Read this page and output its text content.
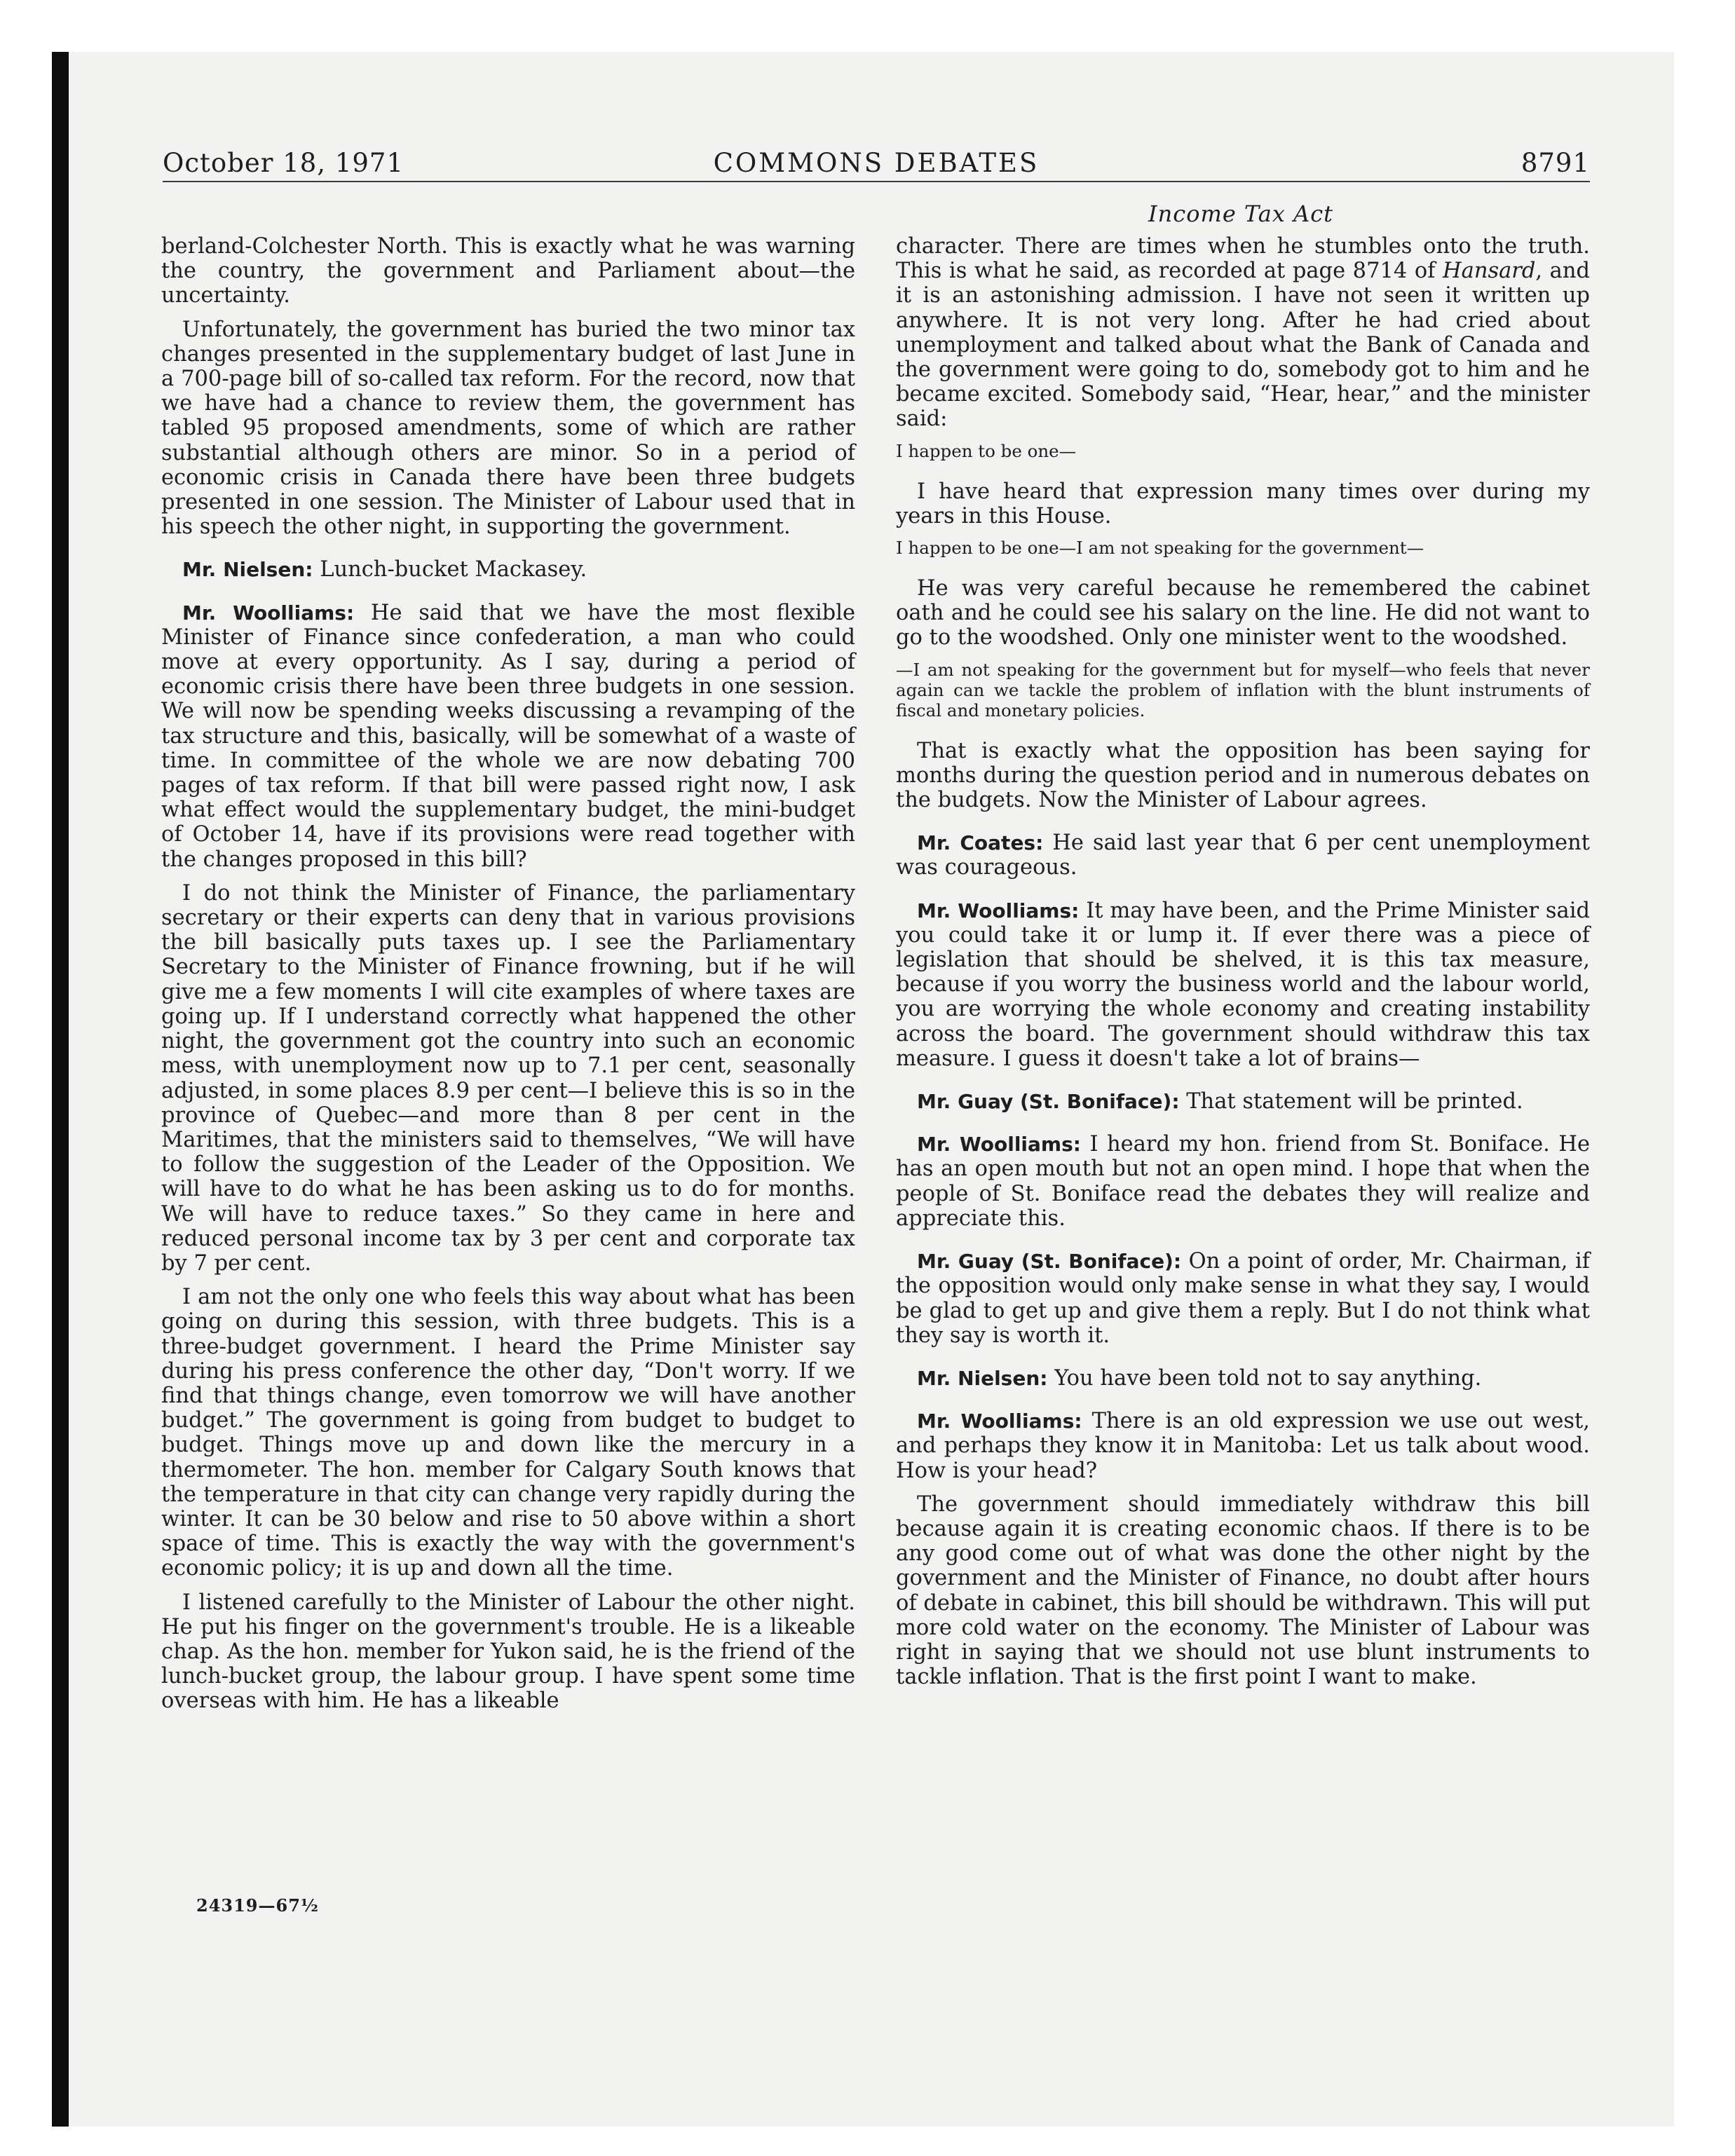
October 18, 1971	COMMONS DEBATES	8791
Income Tax Act

berland-Colchester North. This is exactly what he was warning the country, the government and Parliament about—the uncertainty.

Unfortunately, the government has buried the two minor tax changes presented in the supplementary budget of last June in a 700-page bill of so-called tax reform. For the record, now that we have had a chance to review them, the government has tabled 95 proposed amendments, some of which are rather substantial although others are minor. So in a period of economic crisis in Canada there have been three budgets presented in one session. The Minister of Labour used that in his speech the other night, in supporting the government.

Mr. Nielsen: Lunch-bucket Mackasey.

Mr. Woolliams: He said that we have the most flexible Minister of Finance since confederation, a man who could move at every opportunity. As I say, during a period of economic crisis there have been three budgets in one session. We will now be spending weeks discussing a revamping of the tax structure and this, basically, will be somewhat of a waste of time. In committee of the whole we are now debating 700 pages of tax reform. If that bill were passed right now, I ask what effect would the supplementary budget, the mini-budget of October 14, have if its provisions were read together with the changes proposed in this bill?

I do not think the Minister of Finance, the parliamentary secretary or their experts can deny that in various provisions the bill basically puts taxes up. I see the Parliamentary Secretary to the Minister of Finance frowning, but if he will give me a few moments I will cite examples of where taxes are going up. If I understand correctly what happened the other night, the government got the country into such an economic mess, with unemployment now up to 7.1 per cent, seasonally adjusted, in some places 8.9 per cent—I believe this is so in the province of Quebec—and more than 8 per cent in the Maritimes, that the ministers said to themselves, “We will have to follow the suggestion of the Leader of the Opposition. We will have to do what he has been asking us to do for months. We will have to reduce taxes.” So they came in here and reduced personal income tax by 3 per cent and corporate tax by 7 per cent.

I am not the only one who feels this way about what has been going on during this session, with three budgets. This is a three-budget government. I heard the Prime Minister say during his press conference the other day, “Don't worry. If we find that things change, even tomorrow we will have another budget.” The government is going from budget to budget to budget. Things move up and down like the mercury in a thermometer. The hon. member for Calgary South knows that the temperature in that city can change very rapidly during the winter. It can be 30 below and rise to 50 above within a short space of time. This is exactly the way with the government's economic policy; it is up and down all the time.

I listened carefully to the Minister of Labour the other night. He put his finger on the government's trouble. He is a likeable chap. As the hon. member for Yukon said, he is the friend of the lunch-bucket group, the labour group. I have spent some time overseas with him. He has a likeable

character. There are times when he stumbles onto the truth. This is what he said, as recorded at page 8714 of Hansard, and it is an astonishing admission. I have not seen it written up anywhere. It is not very long. After he had cried about unemployment and talked about what the Bank of Canada and the government were going to do, somebody got to him and he became excited. Somebody said, “Hear, hear,” and the minister said:

I happen to be one—

I have heard that expression many times over during my years in this House.

I happen to be one—I am not speaking for the government—

He was very careful because he remembered the cabinet oath and he could see his salary on the line. He did not want to go to the woodshed. Only one minister went to the woodshed.

—I am not speaking for the government but for myself—who feels that never again can we tackle the problem of inflation with the blunt instruments of fiscal and monetary policies.

That is exactly what the opposition has been saying for months during the question period and in numerous debates on the budgets. Now the Minister of Labour agrees.

Mr. Coates: He said last year that 6 per cent unemployment was courageous.

Mr. Woolliams: It may have been, and the Prime Minister said you could take it or lump it. If ever there was a piece of legislation that should be shelved, it is this tax measure, because if you worry the business world and the labour world, you are worrying the whole economy and creating instability across the board. The government should withdraw this tax measure. I guess it doesn't take a lot of brains—

Mr. Guay (St. Boniface): That statement will be printed.

Mr. Woolliams: I heard my hon. friend from St. Boniface. He has an open mouth but not an open mind. I hope that when the people of St. Boniface read the debates they will realize and appreciate this.

Mr. Guay (St. Boniface): On a point of order, Mr. Chairman, if the opposition would only make sense in what they say, I would be glad to get up and give them a reply. But I do not think what they say is worth it.

Mr. Nielsen: You have been told not to say anything.

Mr. Woolliams: There is an old expression we use out west, and perhaps they know it in Manitoba: Let us talk about wood. How is your head?

The government should immediately withdraw this bill because again it is creating economic chaos. If there is to be any good come out of what was done the other night by the government and the Minister of Finance, no doubt after hours of debate in cabinet, this bill should be withdrawn. This will put more cold water on the economy. The Minister of Labour was right in saying that we should not use blunt instruments to tackle inflation. That is the first point I want to make.

24319—67½
